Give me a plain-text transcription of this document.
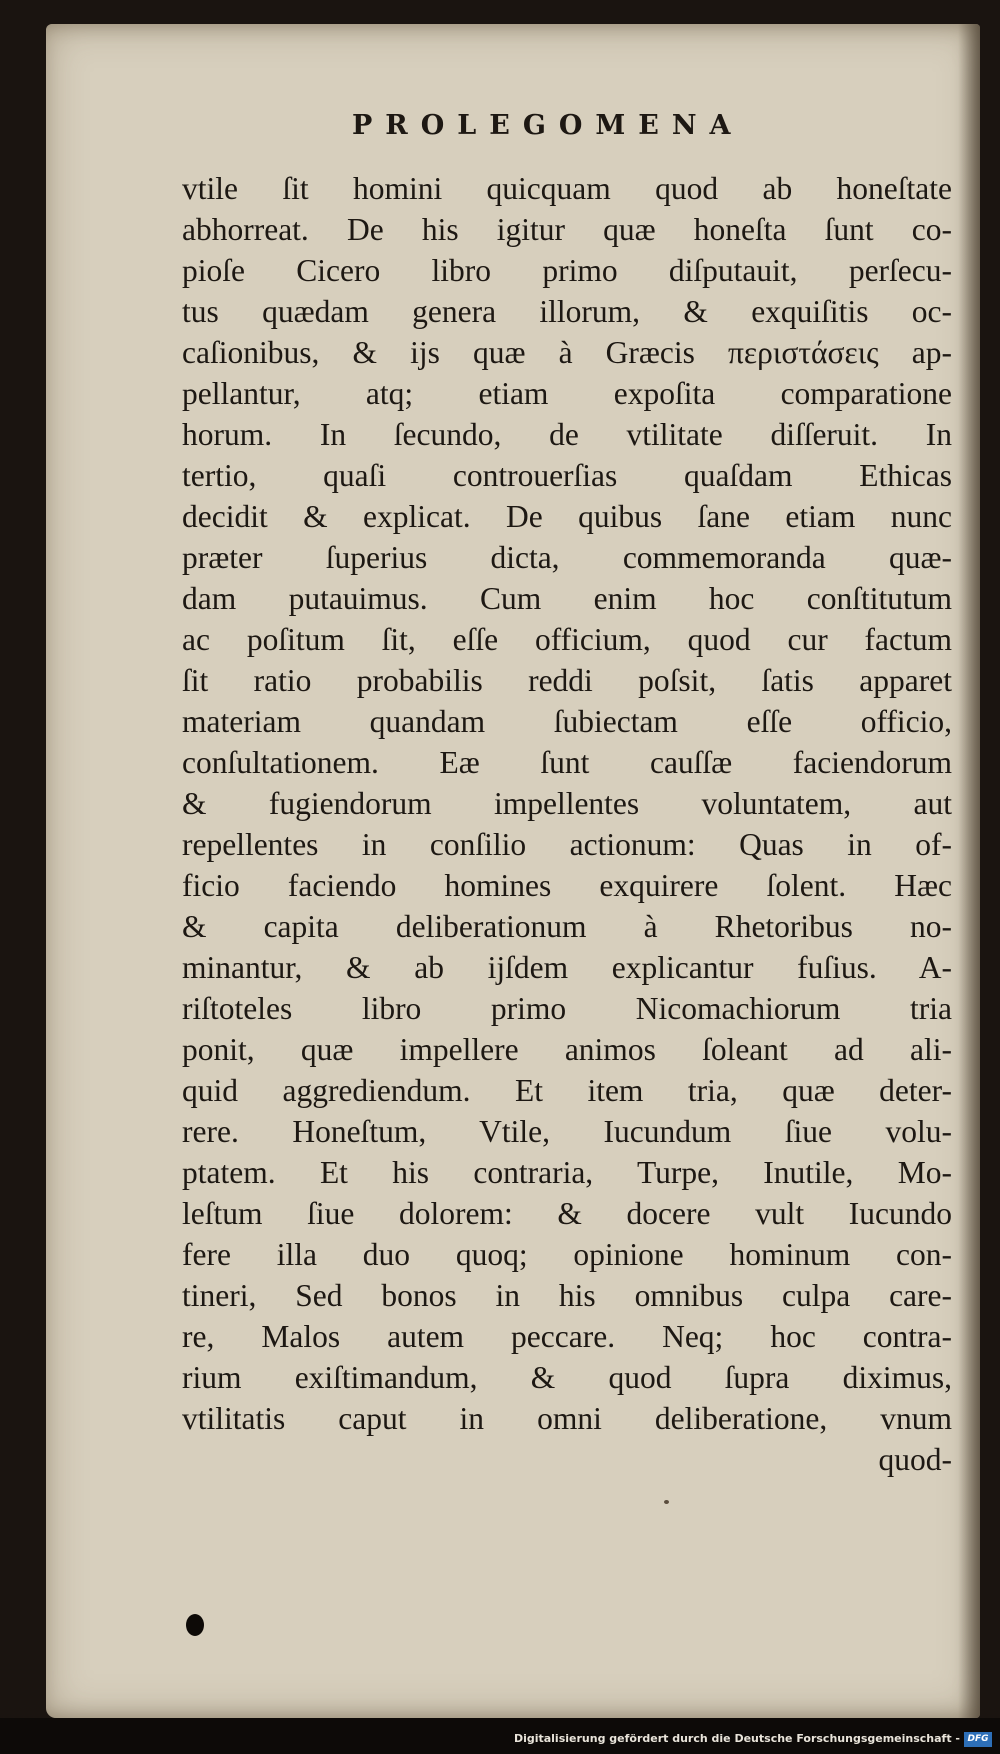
PROLEGOMENA
vtile ſit homini quicquam quod ab honeſtate
abhorreat. De his igitur quæ honeſta ſunt co-
pioſe Cicero libro primo diſputauit, perſecu-
tus quædam genera illorum, & exquiſitis oc-
caſionibus, & ijs quæ à Græcis περιστάσεις ap-
pellantur, atq; etiam expoſita comparatione
horum. In ſecundo, de vtilitate diſſeruit. In
tertio, quaſi controuerſias quaſdam Ethicas
decidit & explicat. De quibus ſane etiam nunc
præter ſuperius dicta, commemoranda quæ-
dam putauimus. Cum enim hoc conſtitutum
ac poſitum ſit, eſſe officium, quod cur factum
ſit ratio probabilis reddi poſsit, ſatis apparet
materiam quandam ſubiectam eſſe officio,
conſultationem. Eæ ſunt cauſſæ faciendorum
& fugiendorum impellentes voluntatem, aut
repellentes in conſilio actionum: Quas in of-
ficio faciendo homines exquirere ſolent. Hæc
& capita deliberationum à Rhetoribus no-
minantur, & ab ijſdem explicantur fuſius. A-
riſtoteles libro primo Nicomachiorum tria
ponit, quæ impellere animos ſoleant ad ali-
quid aggrediendum. Et item tria, quæ deter-
rere. Honeſtum, Vtile, Iucundum ſiue volu-
ptatem. Et his contraria, Turpe, Inutile, Mo-
leſtum ſiue dolorem: & docere vult Iucundo
fere illa duo quoq; opinione hominum con-
tineri, Sed bonos in his omnibus culpa care-
re, Malos autem peccare. Neq; hoc contra-
rium exiſtimandum, & quod ſupra diximus,
vtilitatis caput in omni deliberatione, vnum
quod-
Digitalisierung gefördert durch die Deutsche Forschungsgemeinschaft - DFG
